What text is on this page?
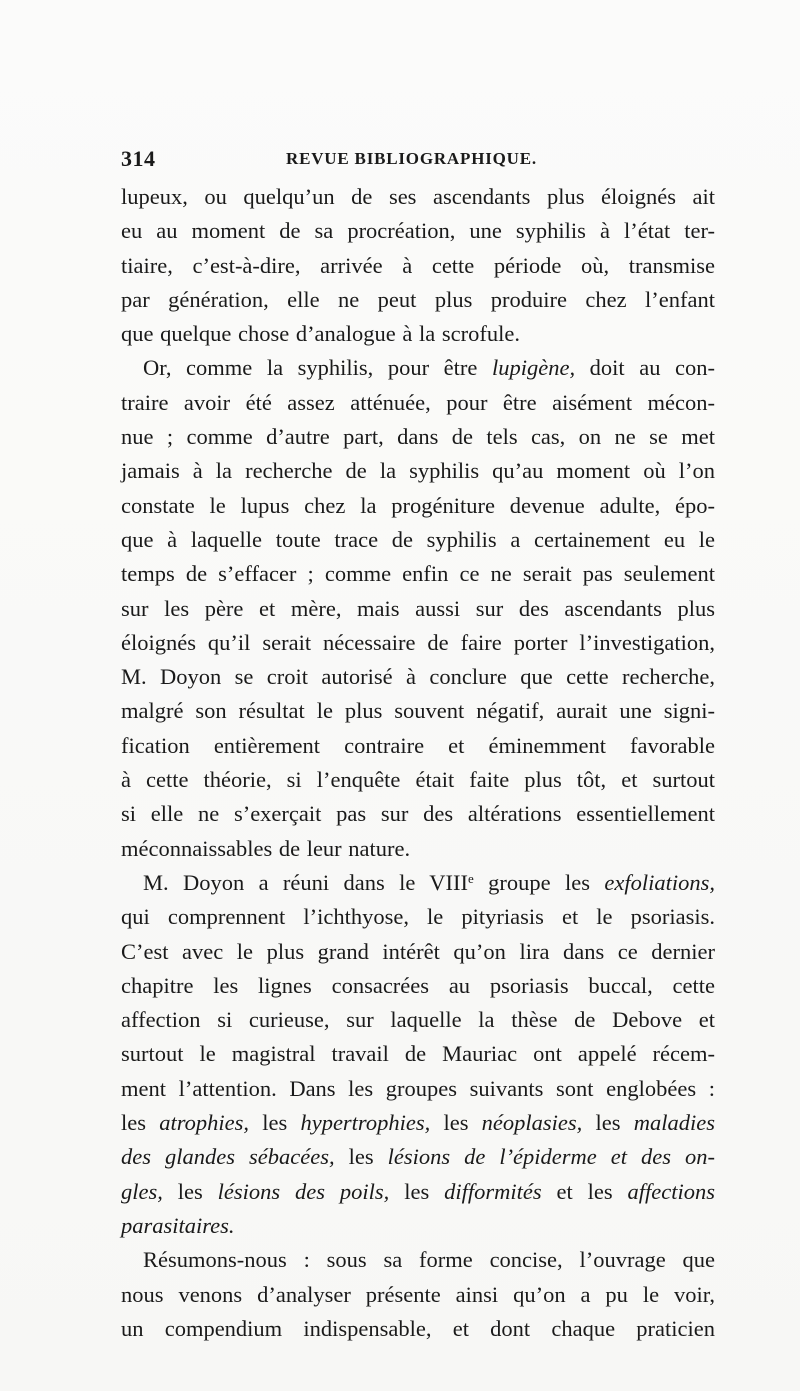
314	REVUE BIBLIOGRAPHIQUE.
lupeux, ou quelqu’un de ses ascendants plus éloignés ait
eu au moment de sa procréation, une syphilis à l’état ter-
tiaire, c’est-à-dire, arrivée à cette période où, transmise
par génération, elle ne peut plus produire chez l’enfant
que quelque chose d’analogue à la scrofule.
Or, comme la syphilis, pour être lupigène, doit au con-
traire avoir été assez atténuée, pour être aisément mécon-
nue ; comme d’autre part, dans de tels cas, on ne se met
jamais à la recherche de la syphilis qu’au moment où l’on
constate le lupus chez la progéniture devenue adulte, épo-
que à laquelle toute trace de syphilis a certainement eu le
temps de s’effacer ; comme enfin ce ne serait pas seulement
sur les père et mère, mais aussi sur des ascendants plus
éloignés qu’il serait nécessaire de faire porter l’investigation,
M. Doyon se croit autorisé à conclure que cette recherche,
malgré son résultat le plus souvent négatif, aurait une signi-
fication entièrement contraire et éminemment favorable
à cette théorie, si l’enquête était faite plus tôt, et surtout
si elle ne s’exerçait pas sur des altérations essentiellement
méconnaissables de leur nature.
M. Doyon a réuni dans le VIIIe groupe les exfoliations,
qui comprennent l’ichthyose, le pityriasis et le psoriasis.
C’est avec le plus grand intérêt qu’on lira dans ce dernier
chapitre les lignes consacrées au psoriasis buccal, cette
affection si curieuse, sur laquelle la thèse de Debove et
surtout le magistral travail de Mauriac ont appelé récem-
ment l’attention. Dans les groupes suivants sont englobées :
les atrophies, les hypertrophies, les néoplasies, les maladies
des glandes sébacées, les lésions de l’épiderme et des on-
gles, les lésions des poils, les difformités et les affections
parasitaires.
Résumons-nous : sous sa forme concise, l’ouvrage que
nous venons d’analyser présente ainsi qu’on a pu le voir,
un compendium indispensable, et dont chaque praticien
